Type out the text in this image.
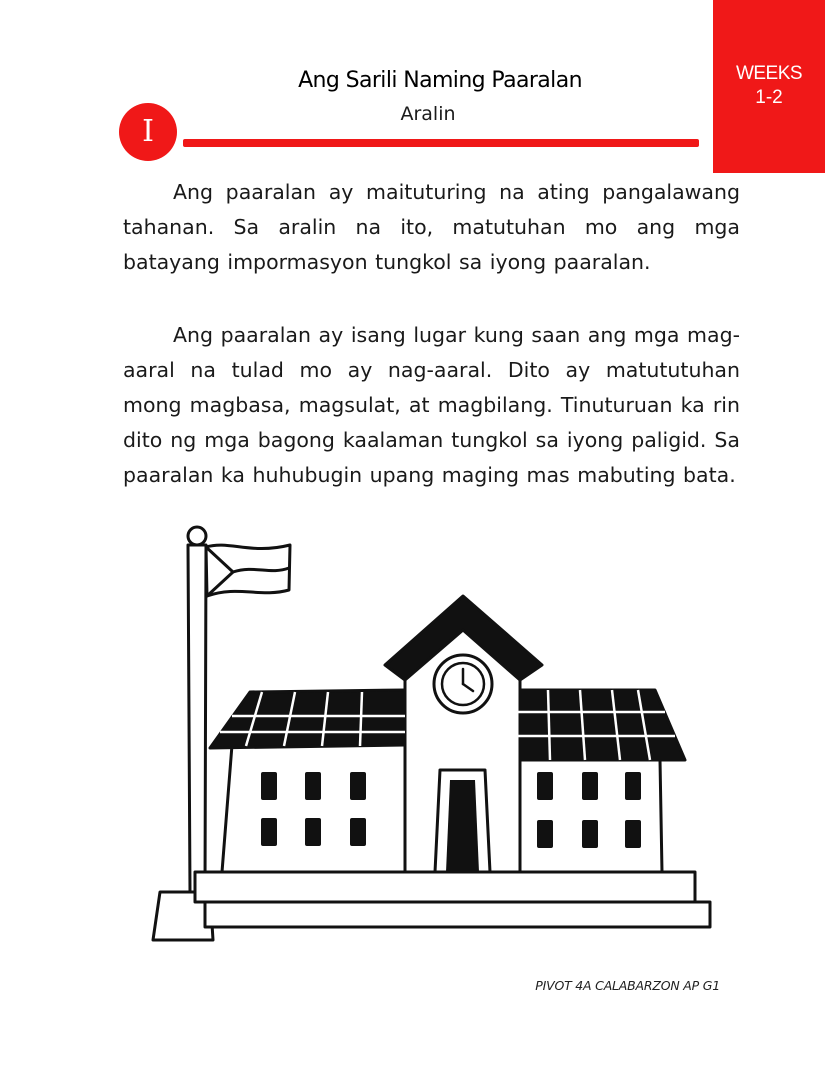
WEEKS
1-2
Ang Sarili Naming Paaralan
Aralin
I
Ang paaralan ay maituturing na ating pangalawang tahanan. Sa aralin na ito, matutuhan mo ang mga batayang impormasyon tungkol sa iyong paaralan.
Ang paaralan ay isang lugar kung saan ang mga mag-aaral na tulad mo ay nag-aaral. Dito ay matututuhan mong magbasa, magsulat, at magbilang. Tinuturuan ka rin dito ng mga bagong kaalaman tungkol sa iyong paligid. Sa paaralan ka huhubugin upang maging mas mabuting bata.
PIVOT 4A CALABARZON AP G1
